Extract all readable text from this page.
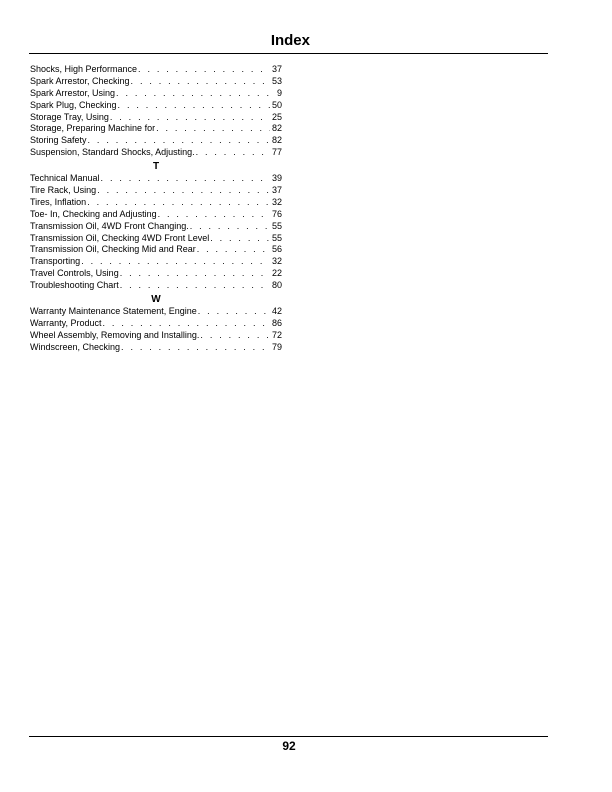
Index
Shocks, High Performance . . .	37
Spark Arrestor, Checking . . .	53
Spark Arrestor, Using . . .	9
Spark Plug, Checking . . .	50
Storage Tray, Using . . .	25
Storage, Preparing Machine for . . .	82
Storing Safety . . .	82
Suspension, Standard Shocks, Adjusting. . . .	77
T
Technical Manual . . .	39
Tire Rack, Using . . .	37
Tires, Inflation . . .	32
Toe- In, Checking and Adjusting . . .	76
Transmission Oil, 4WD Front Changing. . . .	55
Transmission Oil, Checking 4WD Front Level . . .	55
Transmission Oil, Checking Mid and Rear . . .	56
Transporting . . .	32
Travel Controls, Using . . .	22
Troubleshooting Chart . . .	80
W
Warranty Maintenance Statement, Engine . . .	42
Warranty, Product . . .	86
Wheel Assembly, Removing and Installing. . . .	72
Windscreen, Checking . . .	79
92
